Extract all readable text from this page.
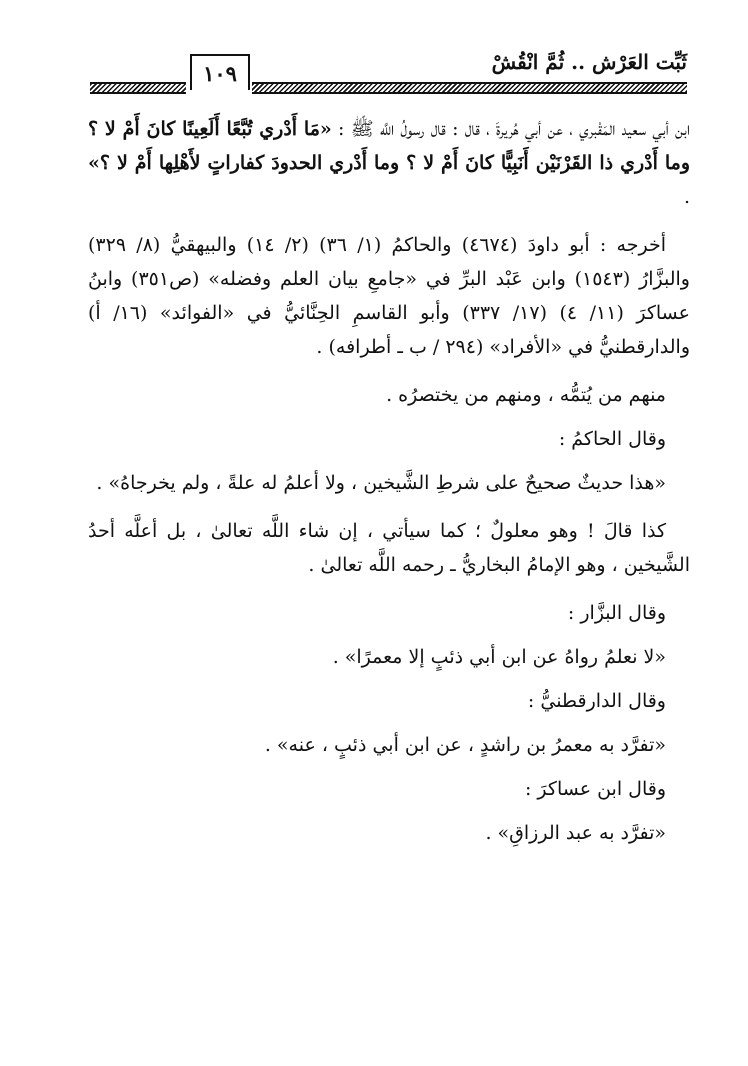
١٠٩	ثَبِّت العَرْش .. ثُمَّ انْقُشْ

ابن أبي سعيد المَقْبري ، عن أبي هُريرةَ ، قال : قال رسولُ اللَّه ﷺ : «مَا أَدْري تُبَّعًا أَلَعِينًا كانَ أَمْ لا ؟ وما أَدْري ذا القَرْنَيْن أَنَبِيًّا كانَ أَمْ لا ؟ وما أَدْري الحدودَ كفاراتٍ لأَهْلِها أَمْ لا ؟» .

أخرجه : أبو داودَ (٤٦٧٤) والحاكمُ (١/ ٣٦) (٢/ ١٤) والبيهقيُّ (٨/ ٣٢٩) والبزَّارُ (١٥٤٣) وابن عَبْد البرِّ في «جامعِ بيان العلم وفضله» (ص٣٥١) وابنُ عساكرَ (١١/ ٤) (١٧/ ٣٣٧) وأبو القاسمِ الحِنَّائيُّ في «الفوائد» (١٦/ أ) والدارقطنيُّ في «الأفراد» (٢٩٤ / ب ـ أطرافه) .

منهم من يُتمُّه ، ومنهم من يختصرُه .

وقال الحاكمُ :

«هذا حديثٌ صحيحٌ على شرطِ الشَّيخين ، ولا أعلمُ له علةً ، ولم يخرجاهُ» .

كذا قالَ ! وهو معلولٌ ؛ كما سيأتي ، إن شاء اللَّه تعالىٰ ، بل أعلَّه أحدُ الشَّيخين ، وهو الإمامُ البخاريُّ ـ رحمه اللَّه تعالىٰ .

وقال البزَّار :

«لا نعلمُ رواهُ عن ابن أبي ذئبٍ إلا معمرًا» .

وقال الدارقطنيُّ :

«تفرَّد به معمرُ بن راشدٍ ، عن ابن أبي ذئبٍ ، عنه» .

وقال ابن عساكرَ :

«تفرَّد به عبد الرزاقِ» .
